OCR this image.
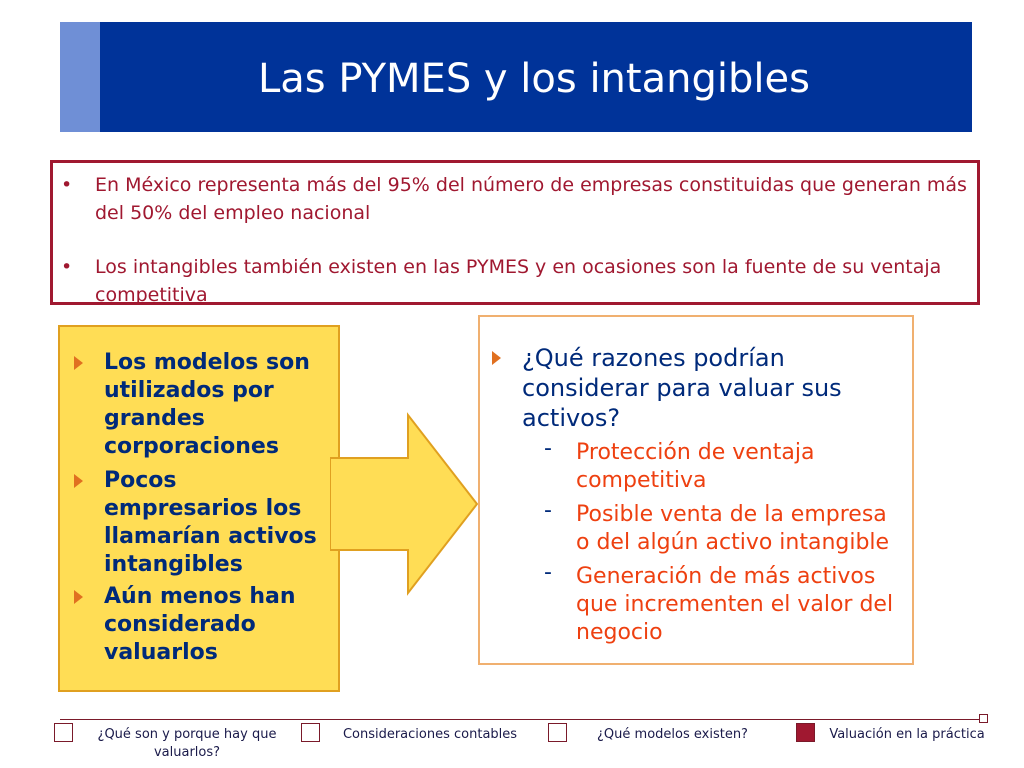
Las PYMES y los intangibles
• En México representa más del 95% del número de empresas constituidas que generan más del 50% del empleo nacional
• Los intangibles también existen en las PYMES y en ocasiones son la fuente de su ventaja competitiva
Los modelos son utilizados por grandes corporaciones
Pocos empresarios los llamarían activos intangibles
Aún menos han considerado valuarlos
¿Qué razones podrían considerar para valuar sus activos?
- Protección de ventaja competitiva
- Posible venta de la empresa o del algún activo intangible
- Generación de más activos que incrementen el valor del negocio
¿Qué son y porque hay que valuarlos?
Consideraciones contables	¿Qué modelos existen?	Valuación en la práctica
